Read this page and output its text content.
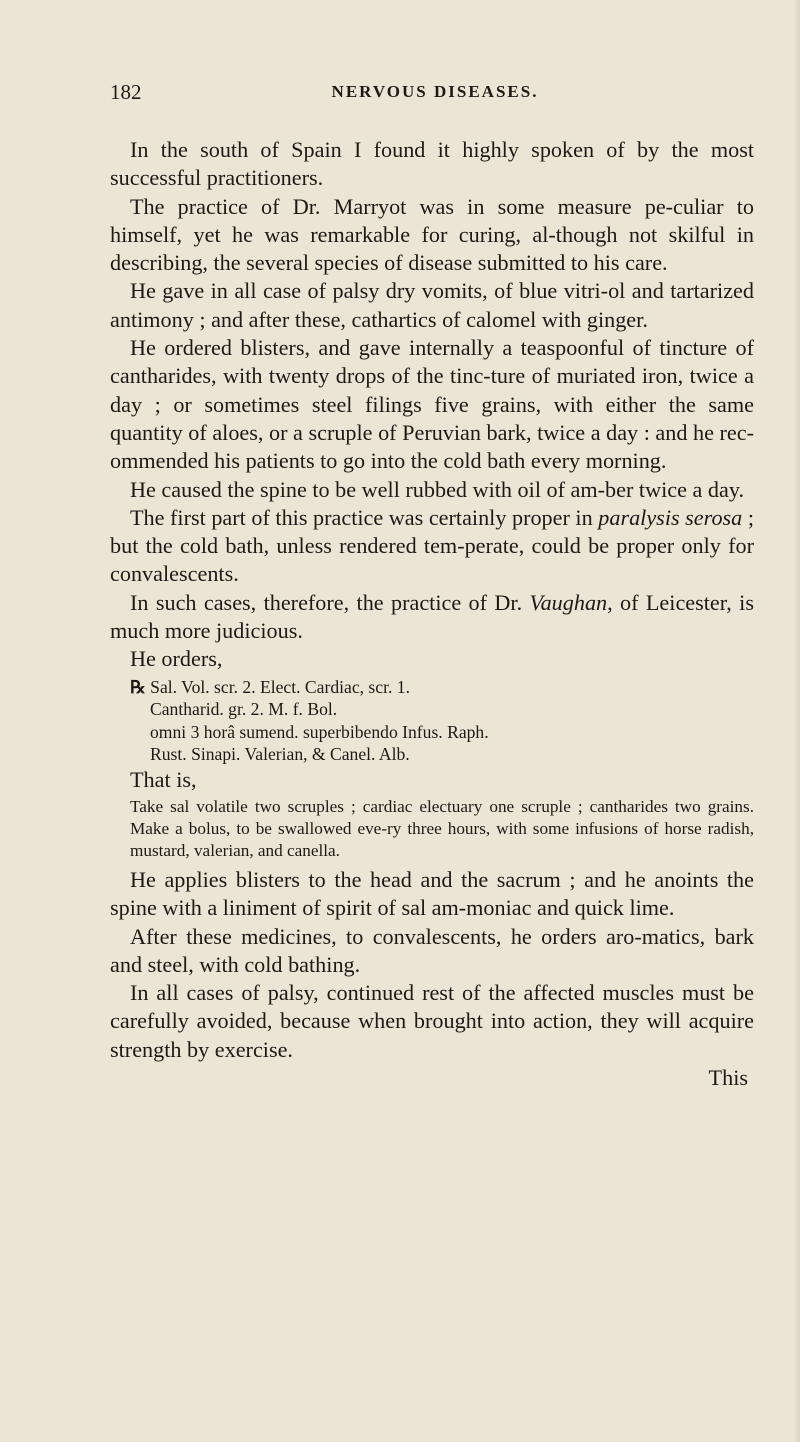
182	NERVOUS DISEASES.

In the south of Spain I found it highly spoken of by the most successful practitioners.

The practice of Dr. Marryot was in some measure pe-culiar to himself, yet he was remarkable for curing, al-though not skilful in describing, the several species of disease submitted to his care.

He gave in all case of palsy dry vomits, of blue vitri-ol and tartarized antimony ; and after these, cathartics of calomel with ginger.

He ordered blisters, and gave internally a teaspoonful of tincture of cantharides, with twenty drops of the tinc-ture of muriated iron, twice a day ; or sometimes steel filings five grains, with either the same quantity of aloes, or a scruple of Peruvian bark, twice a day : and he rec-ommended his patients to go into the cold bath every morning.

He caused the spine to be well rubbed with oil of am-ber twice a day.

The first part of this practice was certainly proper in paralysis serosa ; but the cold bath, unless rendered tem-perate, could be proper only for convalescents.

In such cases, therefore, the practice of Dr. Vaughan, of Leicester, is much more judicious.

He orders,

℞ Sal. Vol. scr. 2. Elect. Cardiac, scr. 1.
Cantharid. gr. 2. M. f. Bol.
omni 3 horâ sumend. superbibendo Infus. Raph.
Rust. Sinapi. Valerian, & Canel. Alb.

That is,

Take sal volatile two scruples ; cardiac electuary one scruple ; cantharides two grains. Make a bolus, to be swallowed eve-ry three hours, with some infusions of horse radish, mustard, valerian, and canella.

He applies blisters to the head and the sacrum ; and he anoints the spine with a liniment of spirit of sal am-moniac and quick lime.

After these medicines, to convalescents, he orders aro-matics, bark and steel, with cold bathing.

In all cases of palsy, continued rest of the affected muscles must be carefully avoided, because when brought into action, they will acquire strength by exercise.

This
